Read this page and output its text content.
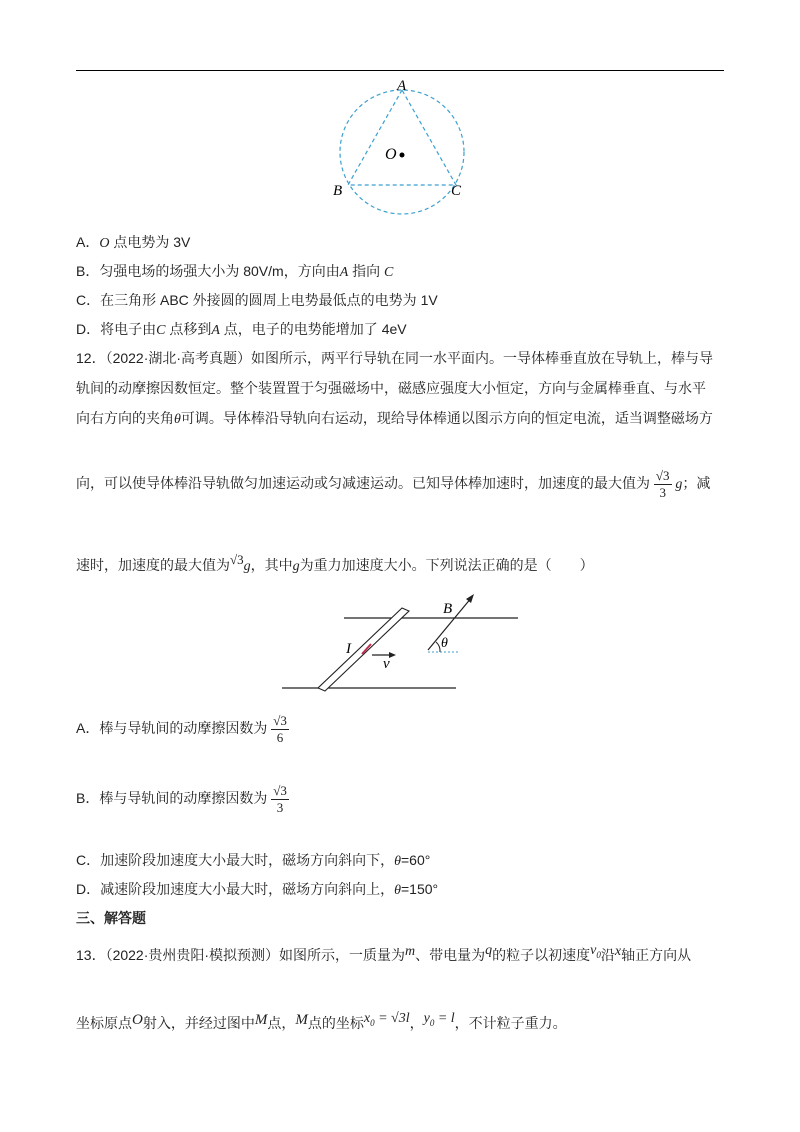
A
B	C
O
A．O 点电势为 3V
B．匀强电场的场强大小为 80V/m，方向由A 指向 C
C．在三角形 ABC 外接圆的圆周上电势最低点的电势为 1V
D．将电子由C 点移到A 点，电子的电势能增加了 4eV
12．（2022·湖北·高考真题）如图所示，两平行导轨在同一水平面内。一导体棒垂直放在导轨上，棒与导
轨间的动摩擦因数恒定。整个装置置于匀强磁场中，磁感应强度大小恒定，方向与金属棒垂直、与水平
向右方向的夹角θ可调。导体棒沿导轨向右运动，现给导体棒通以图示方向的恒定电流，适当调整磁场方
向，可以使导体棒沿导轨做匀加速运动或匀减速运动。已知导体棒加速时，加速度的最大值为 $\frac{√3}{3}$ g；减
速时，加速度的最大值为√3g，其中g为重力加速度大小。下列说法正确的是（　　）
B
I
v
θ
A．棒与导轨间的动摩擦因数为 $\frac{√3}{6}$
B．棒与导轨间的动摩擦因数为 $\frac{√3}{3}$
C．加速阶段加速度大小最大时，磁场方向斜向下，θ=60°
D．减速阶段加速度大小最大时，磁场方向斜向上，θ=150°
三、解答题
13．（2022·贵州贵阳·模拟预测）如图所示，一质量为m、带电量为q的粒子以初速度$v_0$沿x轴正方向从
坐标原点O射入，并经过图中M点，M点的坐标$x_0 = √3l$，$y_0 = l$，不计粒子重力。
